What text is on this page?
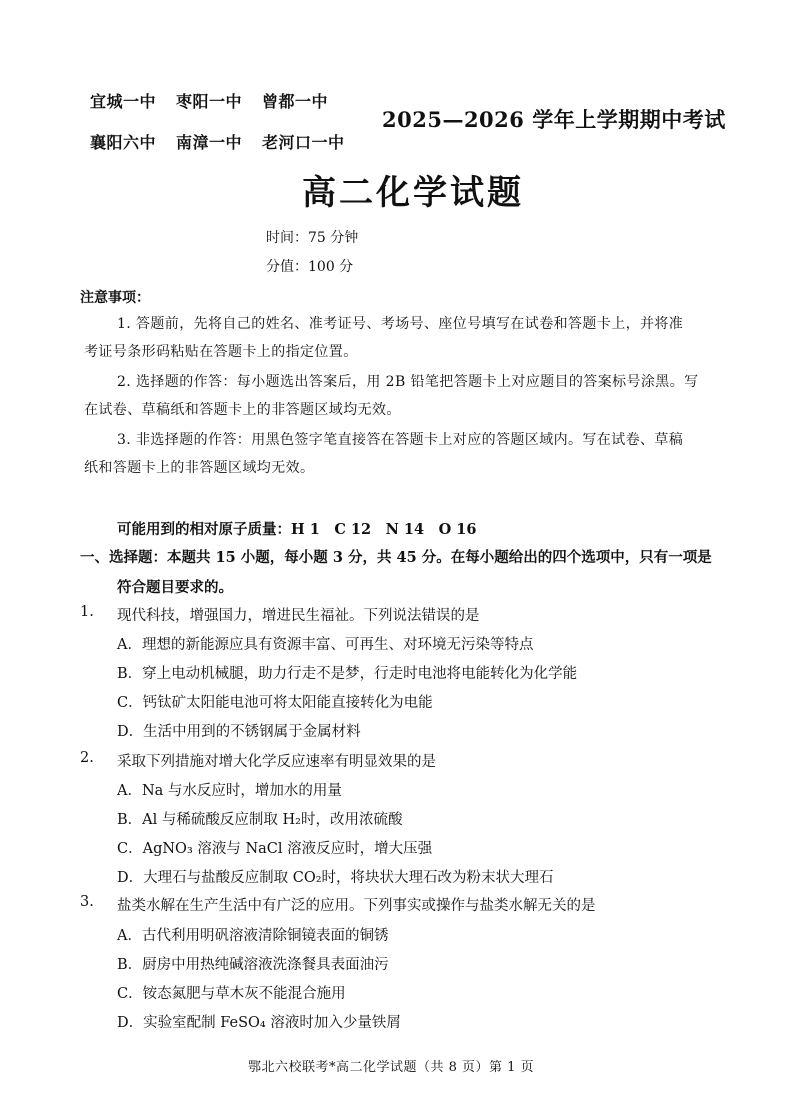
宜城一中 枣阳一中 曾都一中
襄阳六中 南漳一中 老河口一中
2025—2026 学年上学期期中考试
高二化学试题
时间：75 分钟
分值：100 分
注意事项：
1. 答题前，先将自己的姓名、准考证号、考场号、座位号填写在试卷和答题卡上，并将准
考证号条形码粘贴在答题卡上的指定位置。
2. 选择题的作答：每小题选出答案后，用 2B 铅笔把答题卡上对应题目的答案标号涂黑。写
在试卷、草稿纸和答题卡上的非答题区域均无效。
3. 非选择题的作答：用黑色签字笔直接答在答题卡上对应的答题区域内。写在试卷、草稿
纸和答题卡上的非答题区域均无效。
可能用到的相对原子质量：H 1　C 12　N 14　O 16
一、选择题：本题共 15 小题，每小题 3 分，共 45 分。在每小题给出的四个选项中，只有一项是
符合题目要求的。
1. 现代科技，增强国力，增进民生福祉。下列说法错误的是
A．理想的新能源应具有资源丰富、可再生、对环境无污染等特点
B．穿上电动机械腿，助力行走不是梦，行走时电池将电能转化为化学能
C．钙钛矿太阳能电池可将太阳能直接转化为电能
D．生活中用到的不锈钢属于金属材料
2. 采取下列措施对增大化学反应速率有明显效果的是
A．Na 与水反应时，增加水的用量
B．Al 与稀硫酸反应制取 H₂时，改用浓硫酸
C．AgNO₃ 溶液与 NaCl 溶液反应时，增大压强
D．大理石与盐酸反应制取 CO₂时，将块状大理石改为粉末状大理石
3. 盐类水解在生产生活中有广泛的应用。下列事实或操作与盐类水解无关的是
A．古代利用明矾溶液清除铜镜表面的铜锈
B．厨房中用热纯碱溶液洗涤餐具表面油污
C．铵态氮肥与草木灰不能混合施用
D．实验室配制 FeSO₄ 溶液时加入少量铁屑
鄂北六校联考*高二化学试题（共 8 页）第 1 页
